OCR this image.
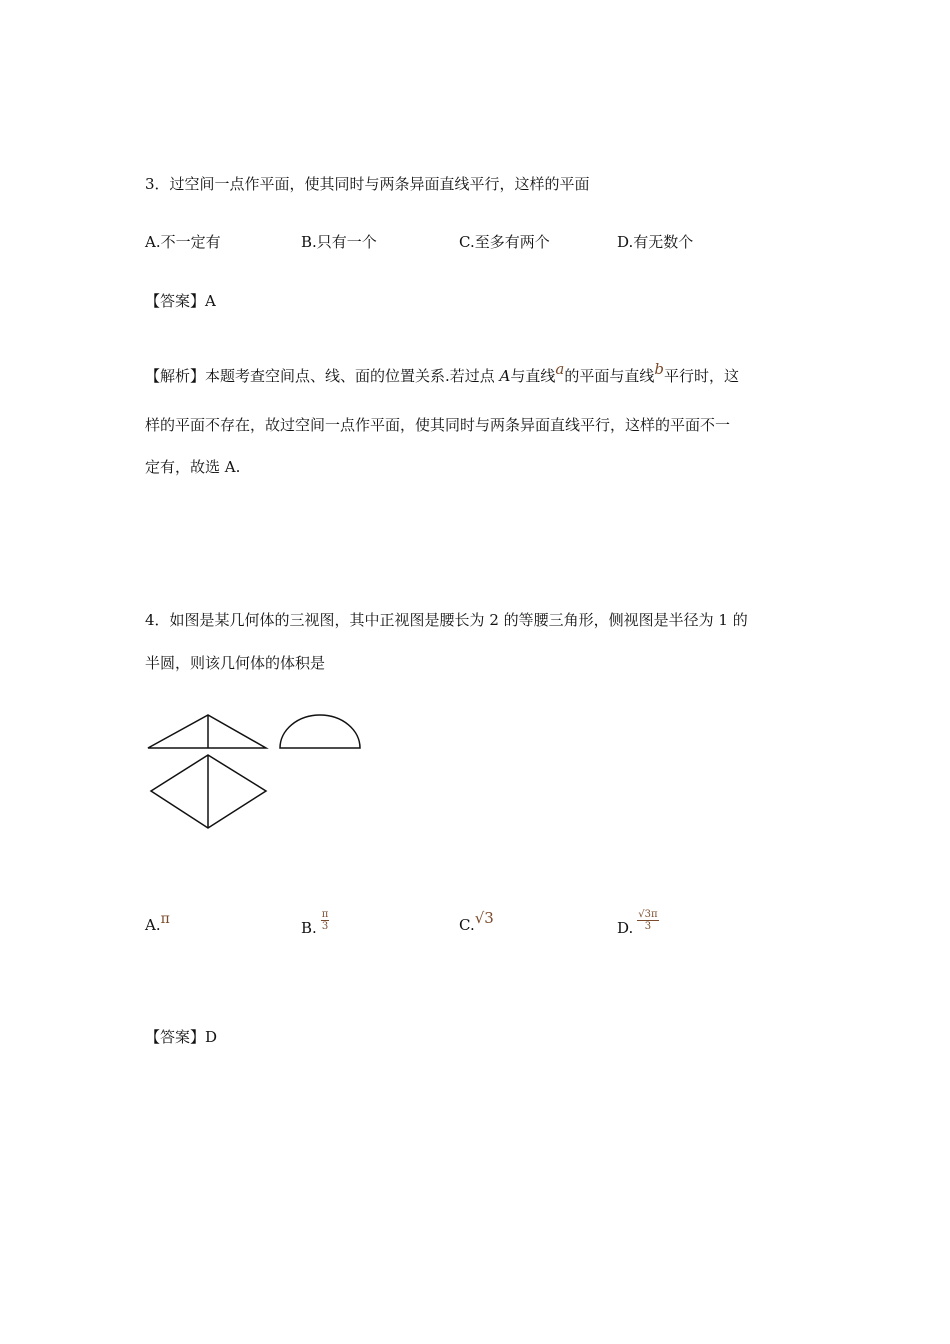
3．过空间一点作平面，使其同时与两条异面直线平行，这样的平面
A.不一定有	B.只有一个	C.至多有两个	D.有无数个
【答案】A
【解析】本题考查空间点、线、面的位置关系.若过点 A与直线a的平面与直线b平行时，这
样的平面不存在，故过空间一点作平面，使其同时与两条异面直线平行，这样的平面不一
定有，故选 A.
4．如图是某几何体的三视图，其中正视图是腰长为 2 的等腰三角形，侧视图是半径为 1 的
半圆，则该几何体的体积是
A.π	B. $\frac{\pi}{3}$	C.√3
D. $\frac{√3\pi}{3}$
【答案】D
